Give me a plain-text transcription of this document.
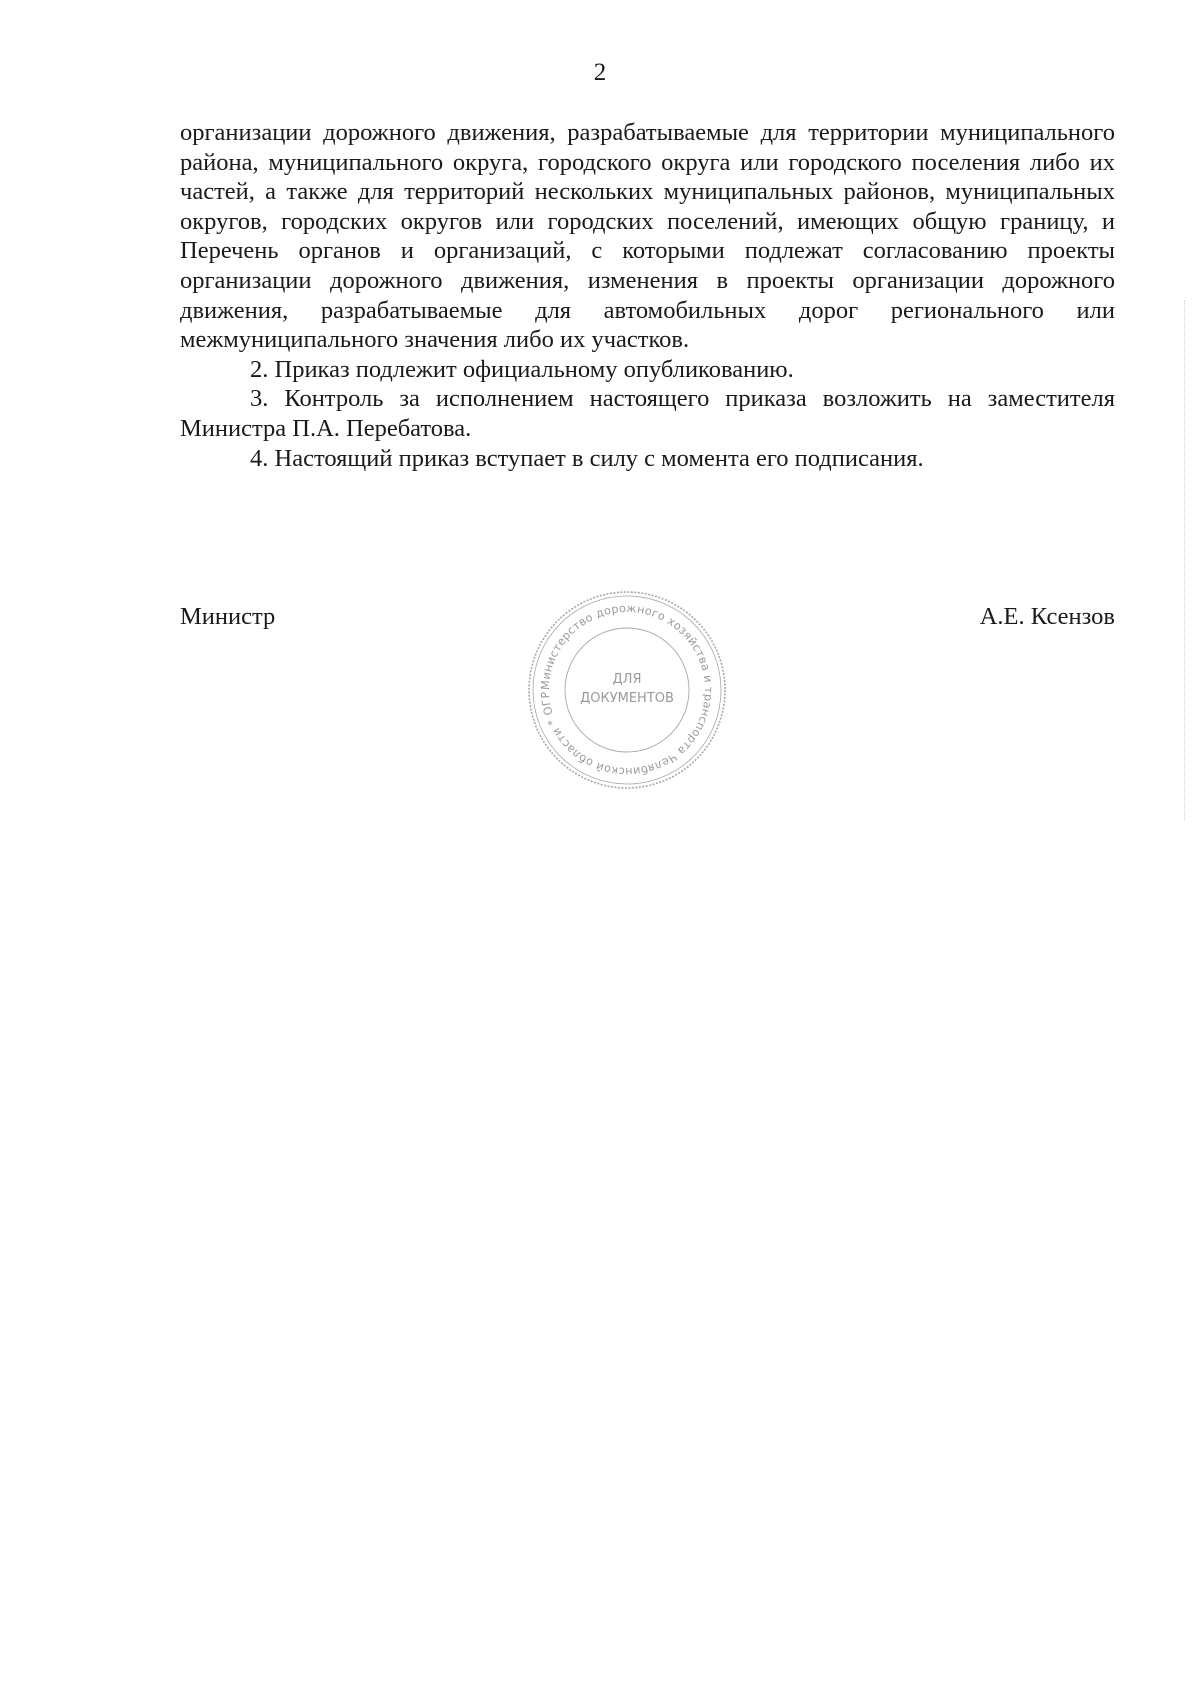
2

организации дорожного движения, разрабатываемые для территории муниципального района, муниципального округа, городского округа или городского поселения либо их частей, а также для территорий нескольких муниципальных районов, муниципальных округов, городских округов или городских поселений, имеющих общую границу, и Перечень органов и организаций, с которыми подлежат согласованию проекты организации дорожного движения, изменения в проекты организации дорожного движения, разрабатываемые для автомобильных дорог регионального или межмуниципального значения либо их участков.

2. Приказ подлежит официальному опубликованию.

3. Контроль за исполнением настоящего приказа возложить на заместителя Министра П.А. Перебатова.

4. Настоящий приказ вступает в силу с момента его подписания.

Министр	А.Е. Ксензов
Министерство дорожного хозяйства и транспорта Челябинской области * ОГР
ДЛЯ
ДОКУМЕНТОВ
